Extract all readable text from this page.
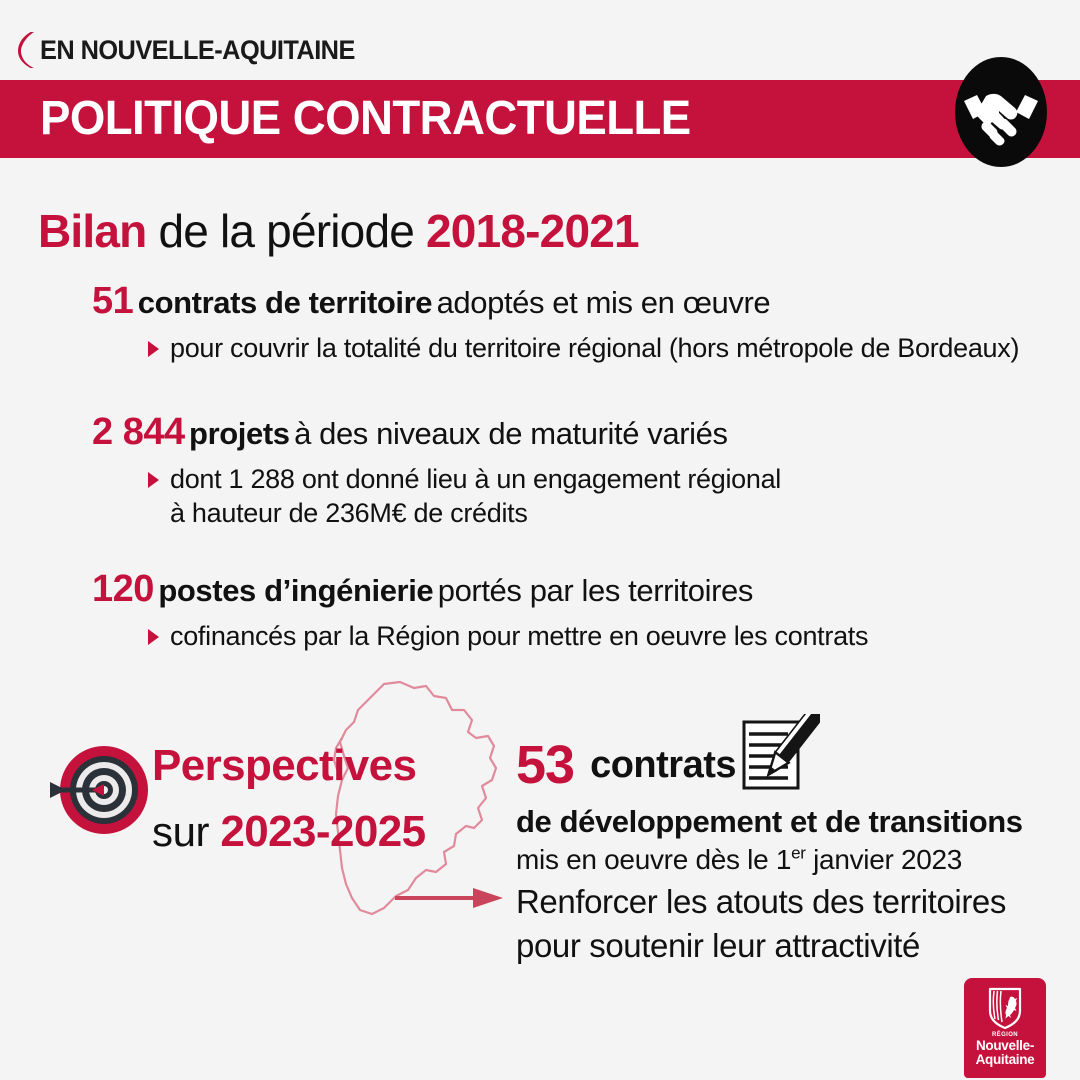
EN NOUVELLE-AQUITAINE
POLITIQUE CONTRACTUELLE
Bilan de la période 2018-2021
51 contrats de territoire adoptés et mis en œuvre
pour couvrir la totalité du territoire régional (hors métropole de Bordeaux)
2 844 projets à des niveaux de maturité variés
dont 1 288 ont donné lieu à un engagement régional
à hauteur de 236M€ de crédits
120 postes d’ingénierie portés par les territoires
cofinancés par la Région pour mettre en oeuvre les contrats
Perspectives
sur 2023-2025
53 contrats
de développement et de transitions
mis en oeuvre dès le 1er janvier 2023
Renforcer les atouts des territoires
pour soutenir leur attractivité
RÉGION
Nouvelle-
Aquitaine
